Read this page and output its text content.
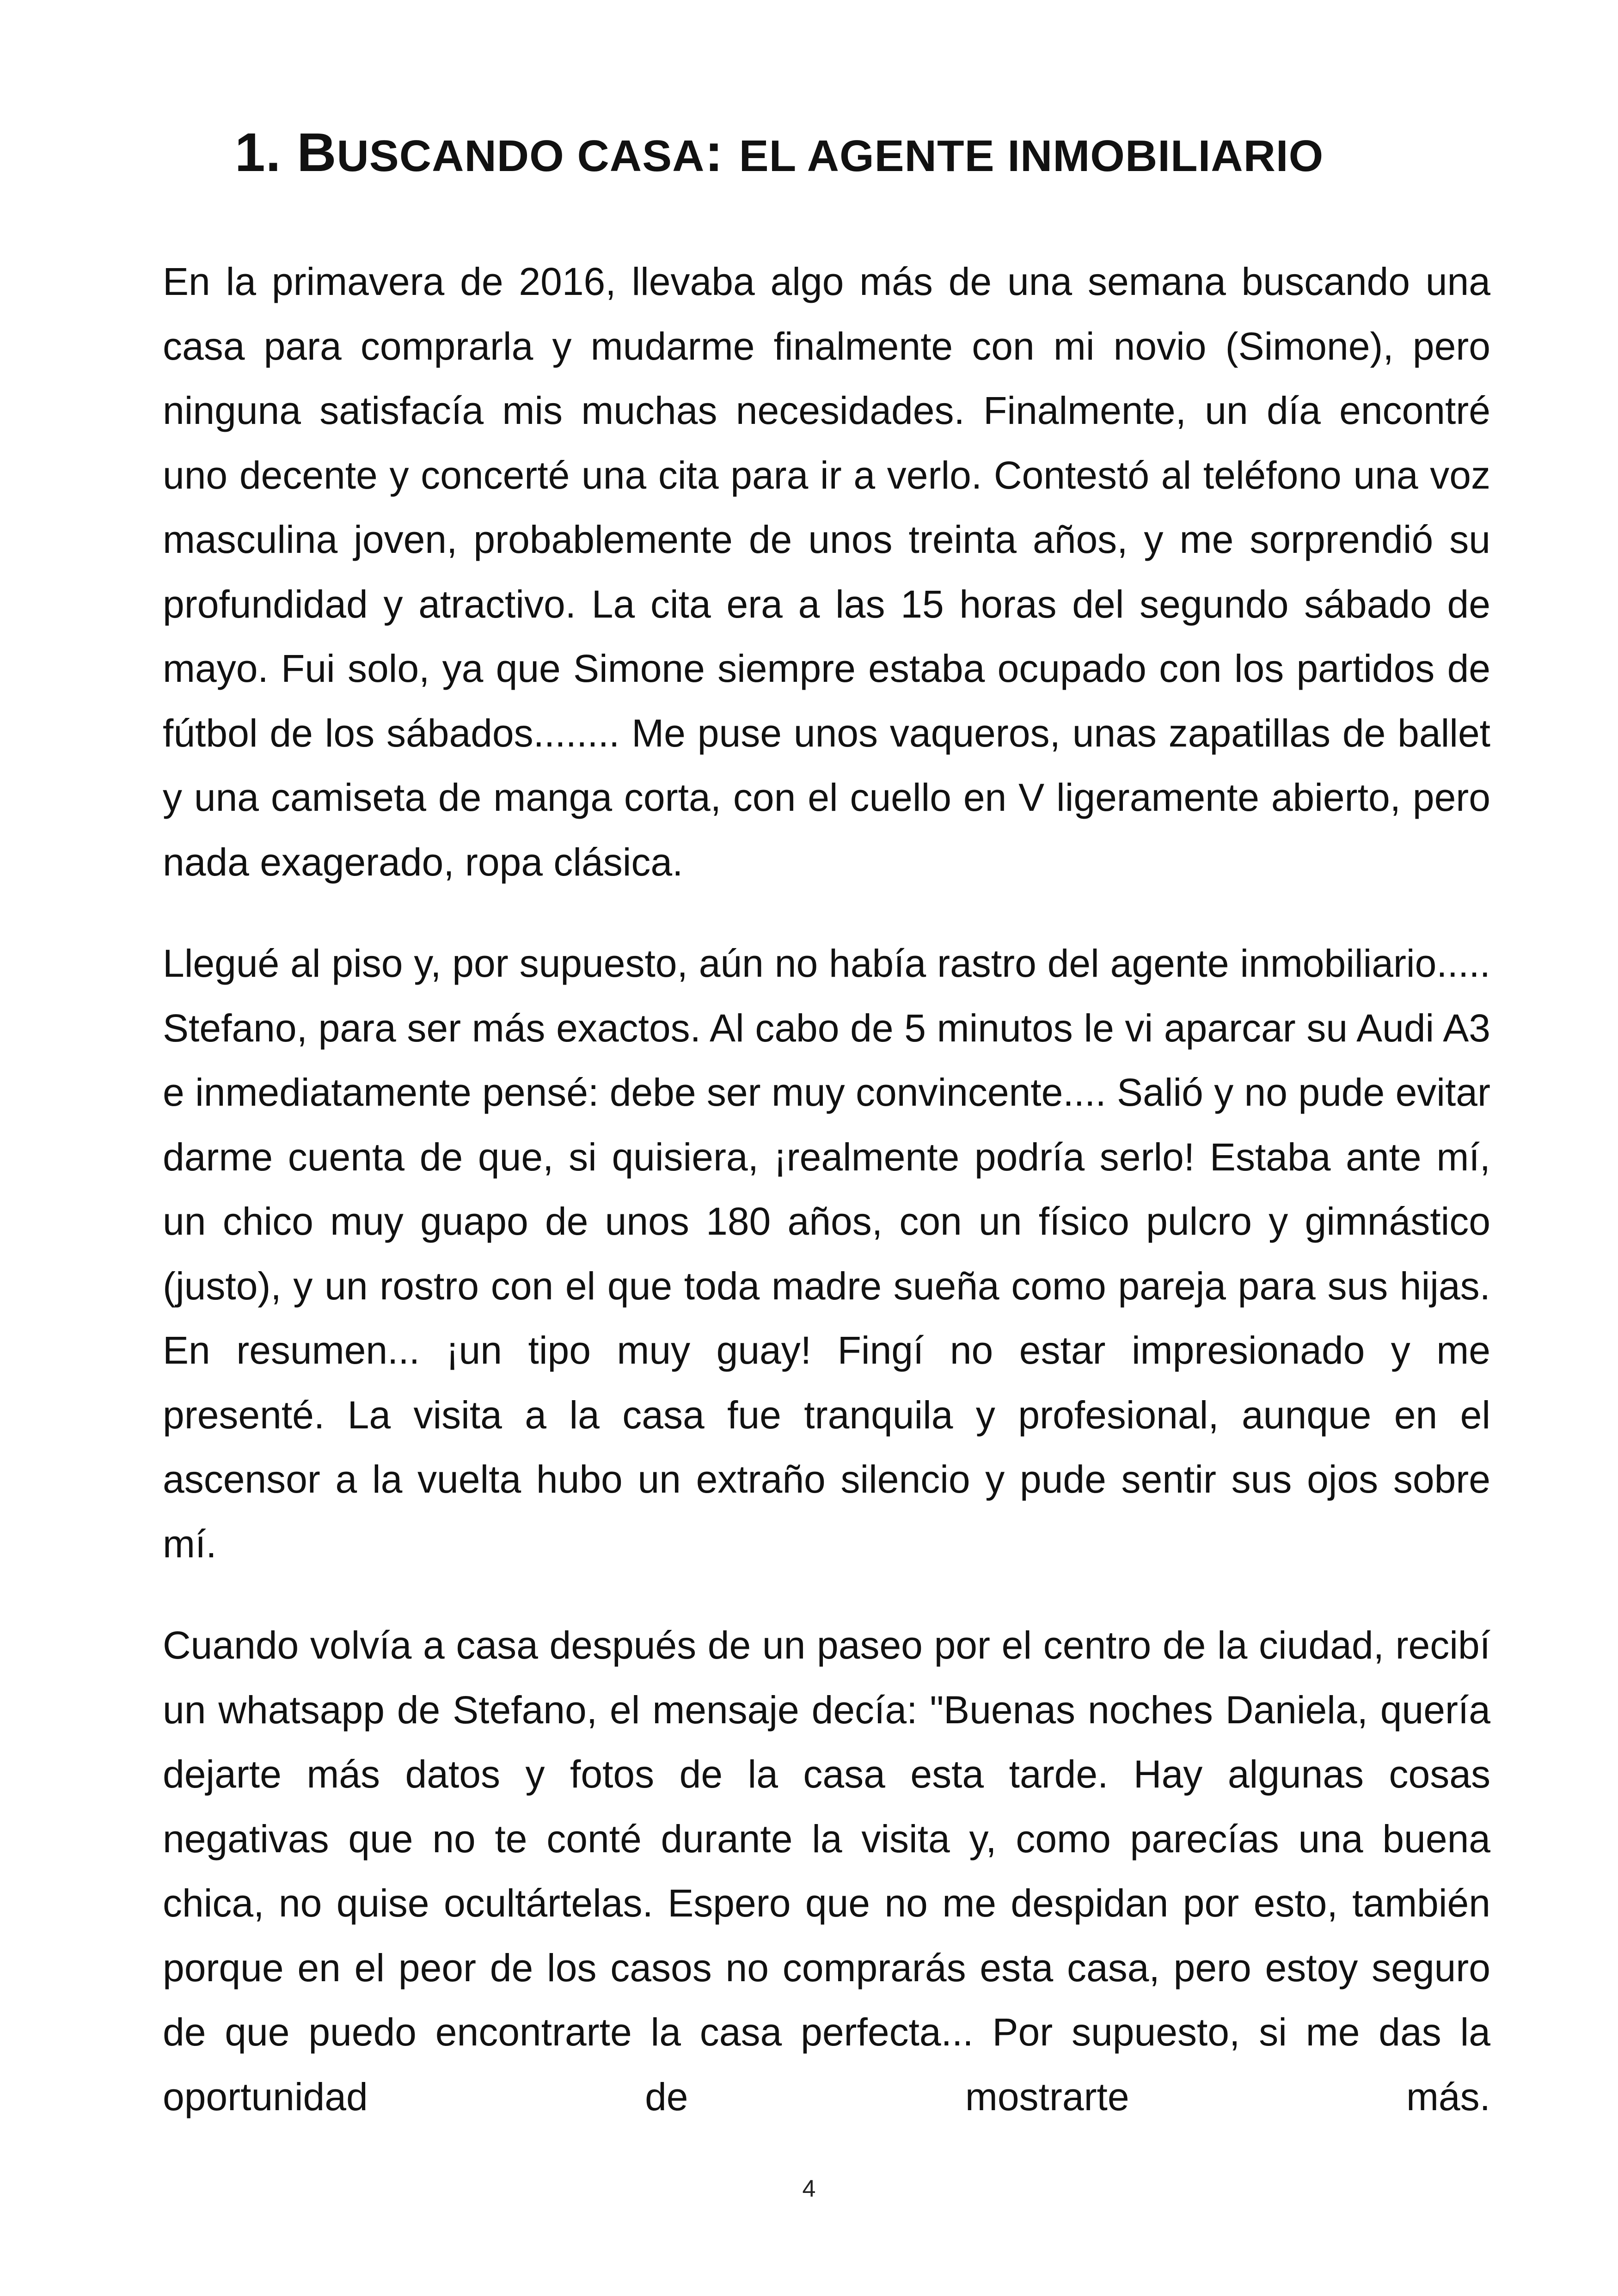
1. BUSCANDO CASA: EL AGENTE INMOBILIARIO

En la primavera de 2016, llevaba algo más de una semana buscando una casa para comprarla y mudarme finalmente con mi novio (Simone), pero ninguna satisfacía mis muchas necesidades. Finalmente, un día encontré uno decente y concerté una cita para ir a verlo. Contestó al teléfono una voz masculina joven, probablemente de unos treinta años, y me sorprendió su profundidad y atractivo. La cita era a las 15 horas del segundo sábado de mayo. Fui solo, ya que Simone siempre estaba ocupado con los partidos de fútbol de los sábados........ Me puse unos vaqueros, unas zapatillas de ballet y una camiseta de manga corta, con el cuello en V ligeramente abierto, pero nada exagerado, ropa clásica.

Llegué al piso y, por supuesto, aún no había rastro del agente inmobiliario..... Stefano, para ser más exactos. Al cabo de 5 minutos le vi aparcar su Audi A3 e inmediatamente pensé: debe ser muy convincente.... Salió y no pude evitar darme cuenta de que, si quisiera, ¡realmente podría serlo! Estaba ante mí, un chico muy guapo de unos 180 años, con un físico pulcro y gimnástico (justo), y un rostro con el que toda madre sueña como pareja para sus hijas. En resumen... ¡un tipo muy guay! Fingí no estar impresionado y me presenté. La visita a la casa fue tranquila y profesional, aunque en el ascensor a la vuelta hubo un extraño silencio y pude sentir sus ojos sobre mí.

Cuando volvía a casa después de un paseo por el centro de la ciudad, recibí un whatsapp de Stefano, el mensaje decía: "Buenas noches Daniela, quería dejarte más datos y fotos de la casa esta tarde. Hay algunas cosas negativas que no te conté durante la visita y, como parecías una buena chica, no quise ocultártelas. Espero que no me despidan por esto, también porque en el peor de los casos no comprarás esta casa, pero estoy seguro de que puedo encontrarte la casa perfecta... Por supuesto, si me das la oportunidad de mostrarte más.

4
